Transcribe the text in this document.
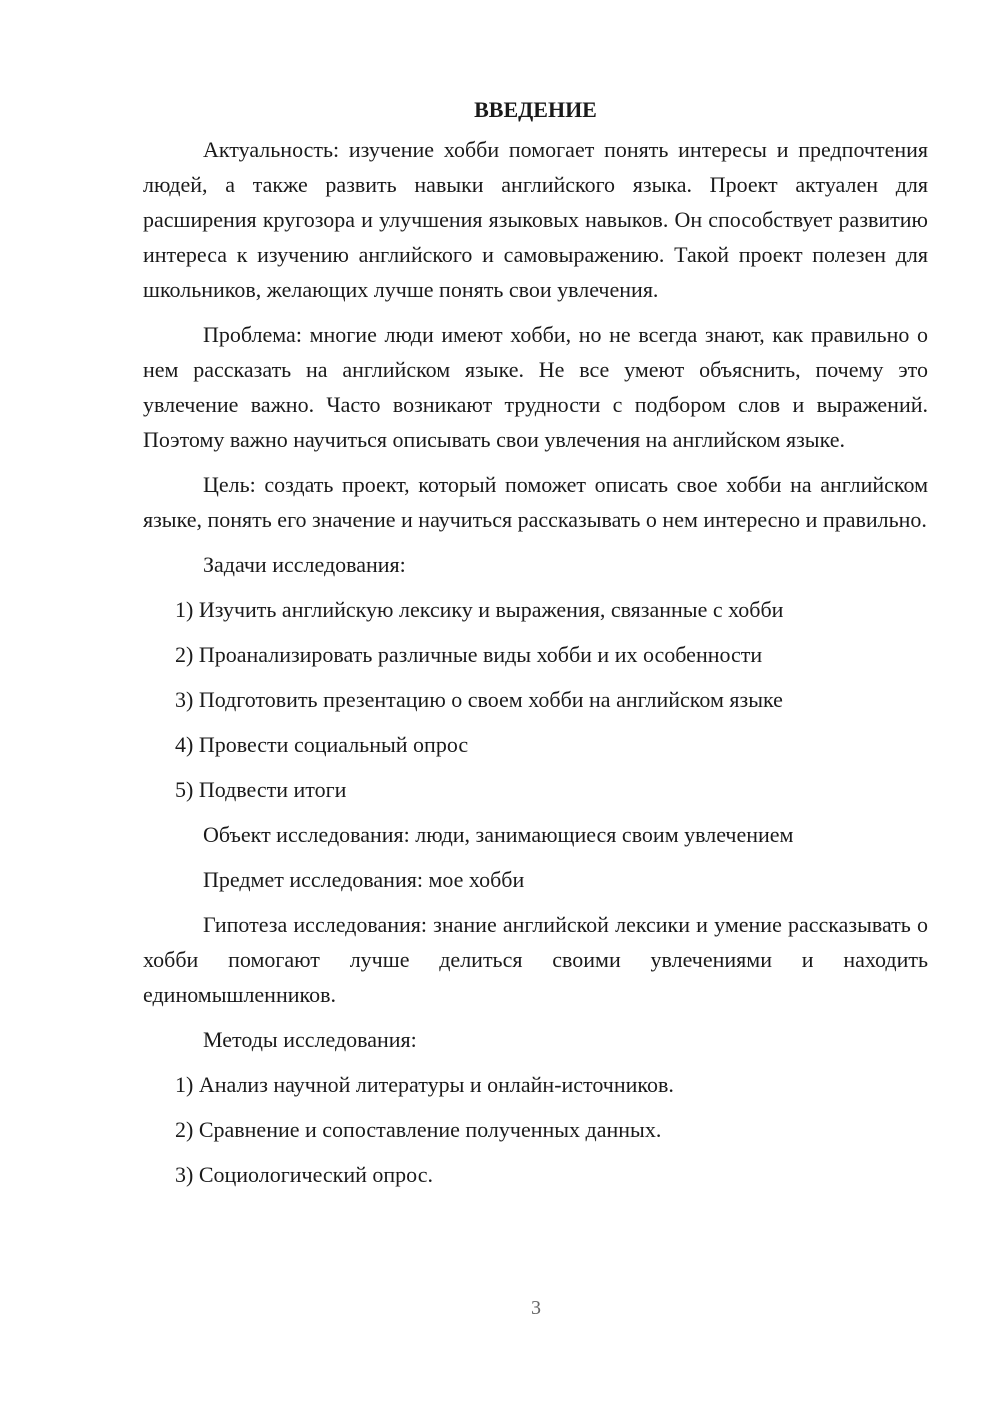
ВВЕДЕНИЕ
Актуальность: изучение хобби помогает понять интересы и предпочтения людей, а также развить навыки английского языка. Проект актуален для расширения кругозора и улучшения языковых навыков. Он способствует развитию интереса к изучению английского и самовыражению. Такой проект полезен для школьников, желающих лучше понять свои увлечения.
Проблема: многие люди имеют хобби, но не всегда знают, как правильно о нем рассказать на английском языке. Не все умеют объяснить, почему это увлечение важно. Часто возникают трудности с подбором слов и выражений. Поэтому важно научиться описывать свои увлечения на английском языке.
Цель: создать проект, который поможет описать свое хобби на английском языке, понять его значение и научиться рассказывать о нем интересно и правильно.
Задачи исследования:
1) Изучить английскую лексику и выражения, связанные с хобби
2) Проанализировать различные виды хобби и их особенности
3) Подготовить презентацию о своем хобби на английском языке
4) Провести социальный опрос
5) Подвести итоги
Объект исследования: люди, занимающиеся своим увлечением
Предмет исследования: мое хобби
Гипотеза исследования: знание английской лексики и умение рассказывать о хобби помогают лучше делиться своими увлечениями и находить единомышленников.
Методы исследования:
1) Анализ научной литературы и онлайн-источников.
2) Сравнение и сопоставление полученных данных.
3) Социологический опрос.
3
